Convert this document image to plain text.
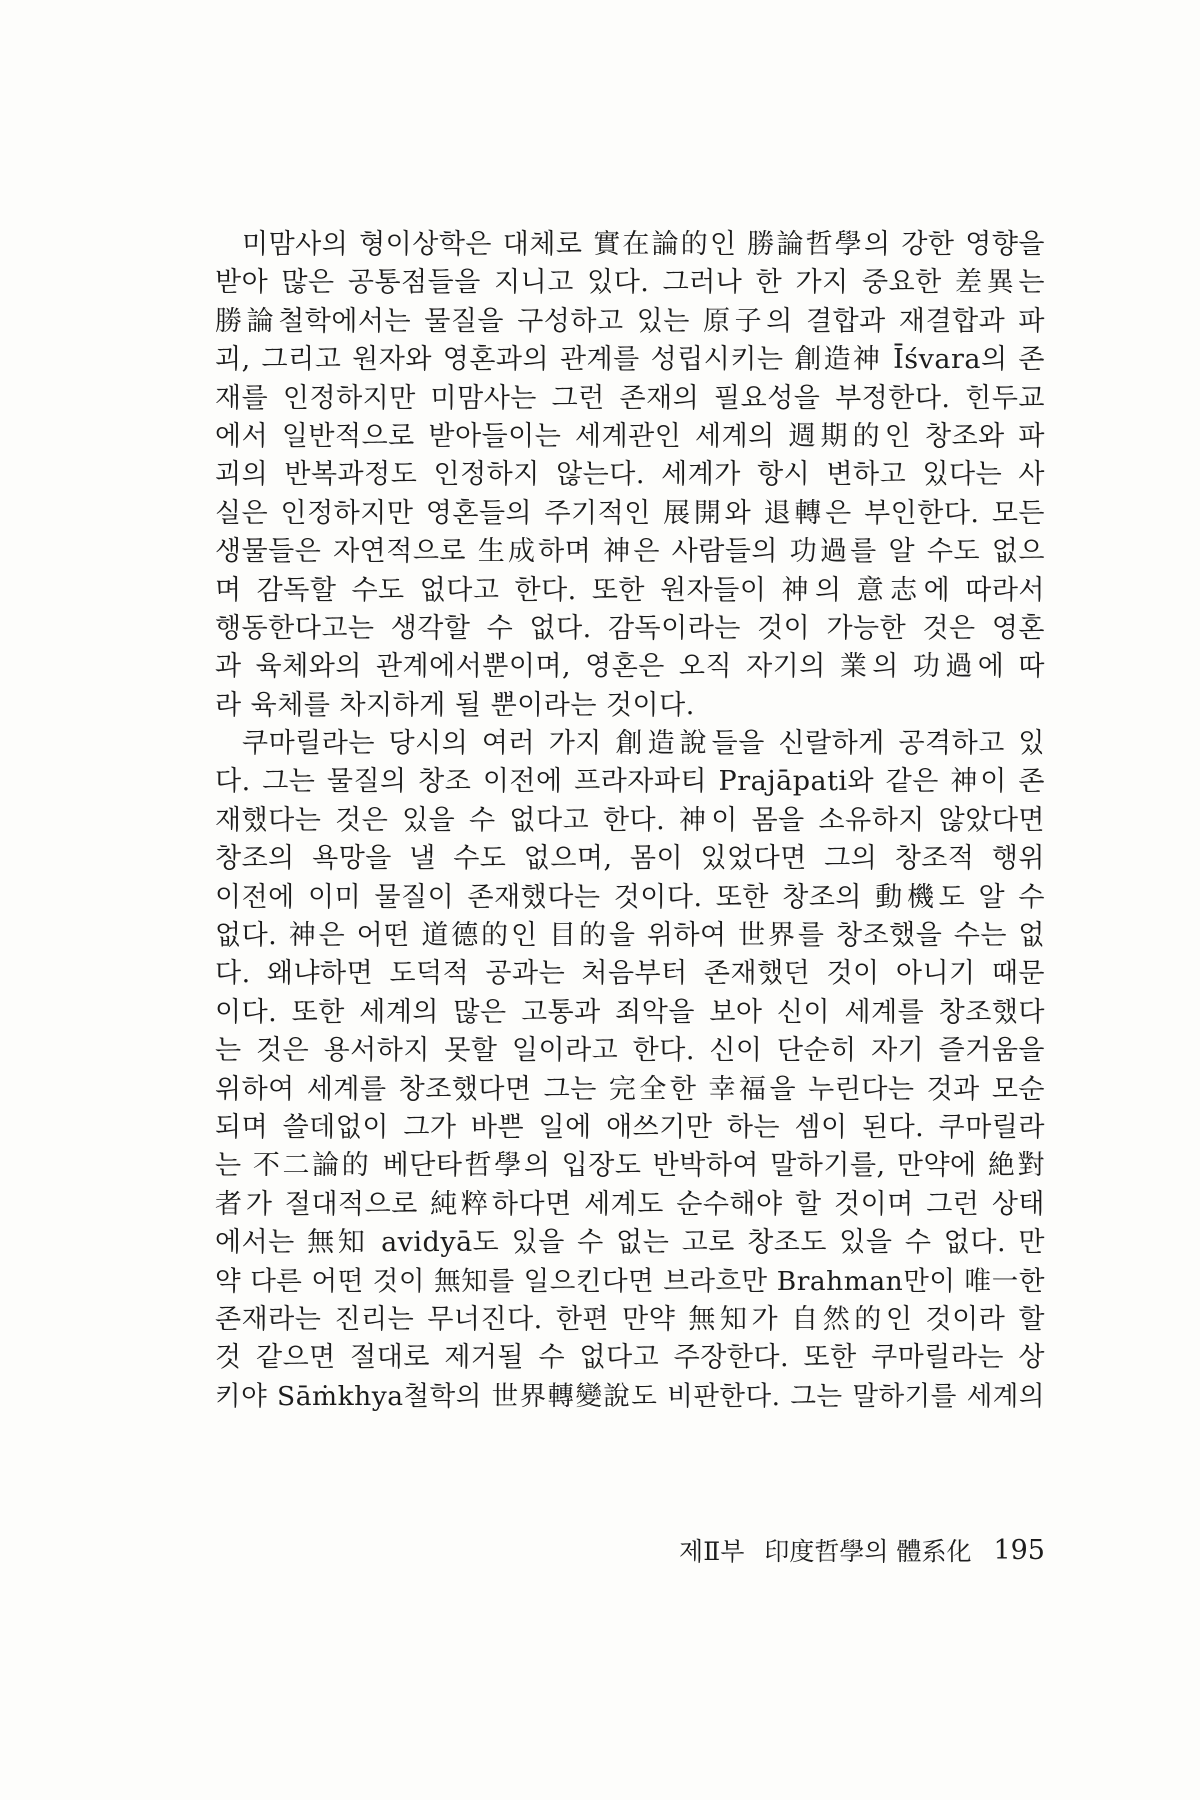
미맘사의 형이상학은 대체로 實在論的인 勝論哲學의 강한 영향을
받아 많은 공통점들을 지니고 있다. 그러나 한 가지 중요한 差異는
勝論철학에서는 물질을 구성하고 있는 原子의 결합과 재결합과 파
괴, 그리고 원자와 영혼과의 관계를 성립시키는 創造神 Īśvara의 존
재를 인정하지만 미맘사는 그런 존재의 필요성을 부정한다. 힌두교
에서 일반적으로 받아들이는 세계관인 세계의 週期的인 창조와 파
괴의 반복과정도 인정하지 않는다. 세계가 항시 변하고 있다는 사
실은 인정하지만 영혼들의 주기적인 展開와 退轉은 부인한다. 모든
생물들은 자연적으로 生成하며 神은 사람들의 功過를 알 수도 없으
며 감독할 수도 없다고 한다. 또한 원자들이 神의 意志에 따라서
행동한다고는 생각할 수 없다. 감독이라는 것이 가능한 것은 영혼
과 육체와의 관계에서뿐이며, 영혼은 오직 자기의 業의 功過에 따
라 육체를 차지하게 될 뿐이라는 것이다.
쿠마릴라는 당시의 여러 가지 創造說들을 신랄하게 공격하고 있
다. 그는 물질의 창조 이전에 프라자파티 Prajāpati와 같은 神이 존
재했다는 것은 있을 수 없다고 한다. 神이 몸을 소유하지 않았다면
창조의 욕망을 낼 수도 없으며, 몸이 있었다면 그의 창조적 행위
이전에 이미 물질이 존재했다는 것이다. 또한 창조의 動機도 알 수
없다. 神은 어떤 道德的인 目的을 위하여 世界를 창조했을 수는 없
다. 왜냐하면 도덕적 공과는 처음부터 존재했던 것이 아니기 때문
이다. 또한 세계의 많은 고통과 죄악을 보아 신이 세계를 창조했다
는 것은 용서하지 못할 일이라고 한다. 신이 단순히 자기 즐거움을
위하여 세계를 창조했다면 그는 完全한 幸福을 누린다는 것과 모순
되며 쓸데없이 그가 바쁜 일에 애쓰기만 하는 셈이 된다. 쿠마릴라
는 不二論的 베단타哲學의 입장도 반박하여 말하기를, 만약에 絶對
者가 절대적으로 純粹하다면 세계도 순수해야 할 것이며 그런 상태
에서는 無知 avidyā도 있을 수 없는 고로 창조도 있을 수 없다. 만
약 다른 어떤 것이 無知를 일으킨다면 브라흐만 Brahman만이 唯一한
존재라는 진리는 무너진다. 한편 만약 無知가 自然的인 것이라 할
것 같으면 절대로 제거될 수 없다고 주장한다. 또한 쿠마릴라는 상
키야 Sāṁkhya철학의 世界轉變說도 비판한다. 그는 말하기를 세계의
제Ⅱ부 印度哲學의 體系化 195
